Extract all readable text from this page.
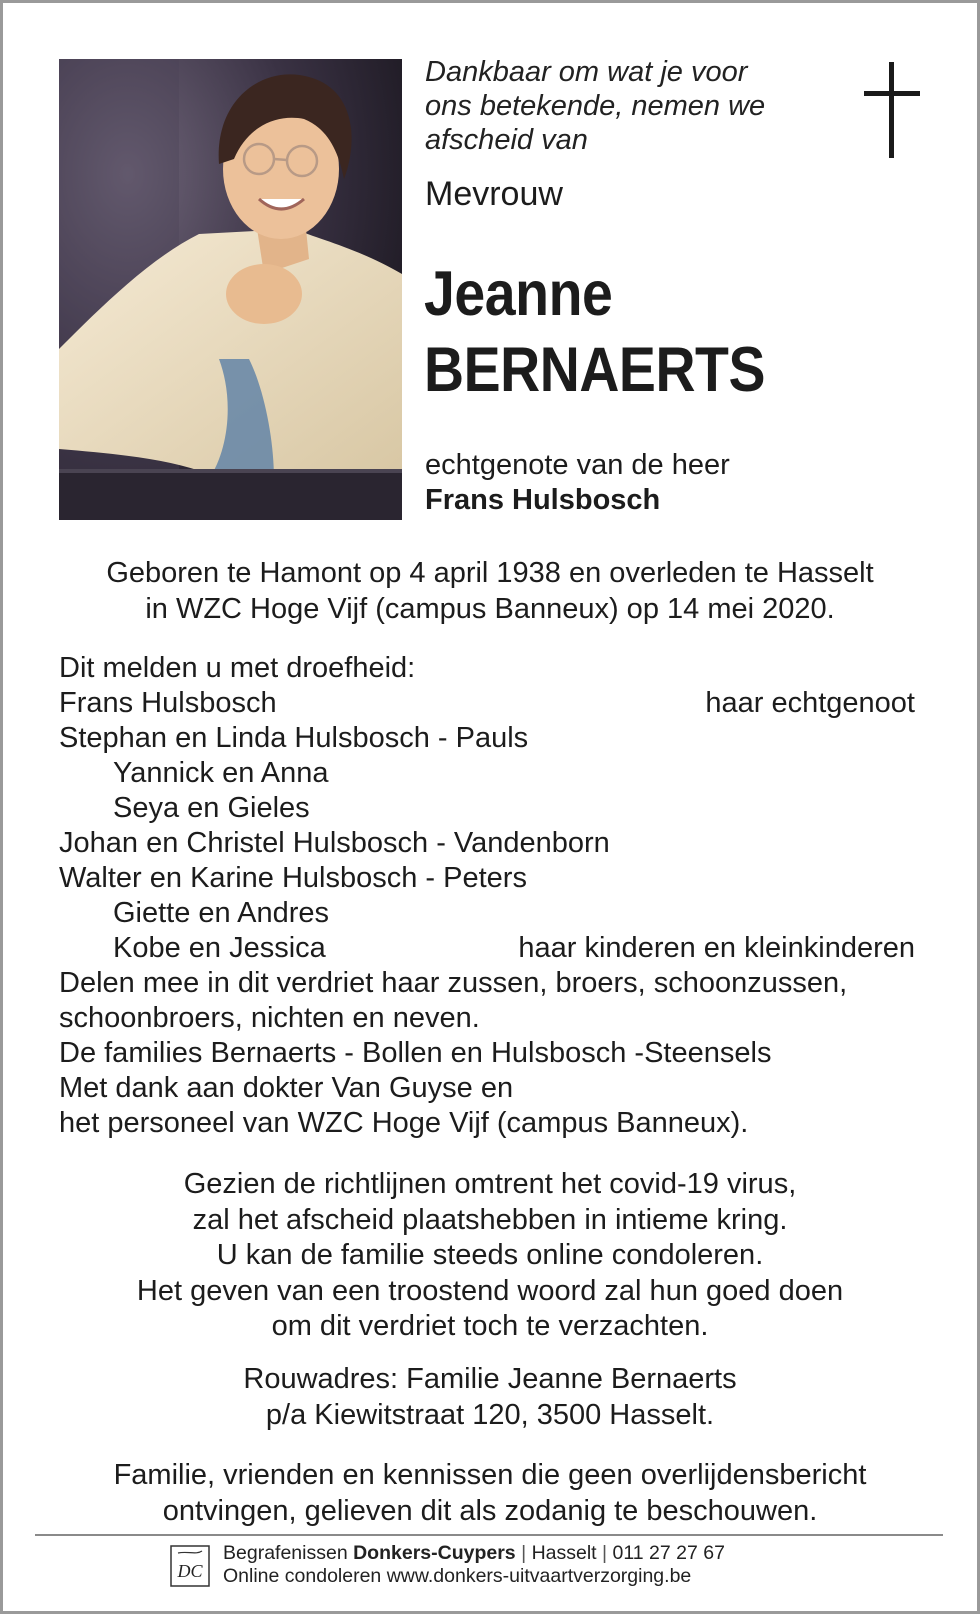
Dankbaar om wat je voor
ons betekende, nemen we
afscheid van
Mevrouw
Jeanne
BERNAERTS
echtgenote van de heer
Frans Hulsbosch
Geboren te Hamont op 4 april 1938 en overleden te Hasselt
in WZC Hoge Vijf (campus Banneux) op 14 mei 2020.
Dit melden u met droefheid:
Frans Hulsbosch	haar echtgenoot
Stephan en Linda Hulsbosch - Pauls
Yannick en Anna
Seya en Gieles
Johan en Christel Hulsbosch - Vandenborn
Walter en Karine Hulsbosch - Peters
Giette en Andres
Kobe en Jessica	haar kinderen en kleinkinderen
Delen mee in dit verdriet haar zussen, broers, schoonzussen,
schoonbroers, nichten en neven.
De families Bernaerts - Bollen en Hulsbosch -Steensels
Met dank aan dokter Van Guyse en
het personeel van WZC Hoge Vijf (campus Banneux).
Gezien de richtlijnen omtrent het covid-19 virus,
zal het afscheid plaatshebben in intieme kring.
U kan de familie steeds online condoleren.
Het geven van een troostend woord zal hun goed doen
om dit verdriet toch te verzachten.
Rouwadres: Familie Jeanne Bernaerts
p/a Kiewitstraat 120, 3500 Hasselt.
Familie, vrienden en kennissen die geen overlijdensbericht
ontvingen, gelieven dit als zodanig te beschouwen.
DC
Begrafenissen Donkers-Cuypers | Hasselt | 011 27 27 67
Online condoleren www.donkers-uitvaartverzorging.be
